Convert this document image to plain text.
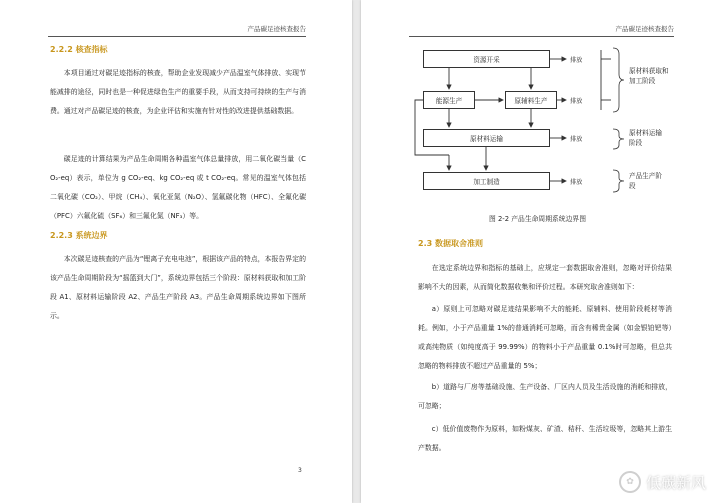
产品碳足迹核查报告
2.2.2 核查指标

本项目通过对碳足迹指标的核查，帮助企业发现减少产品温室气体排放、实现节能减排的途径，同时也是一种促进绿色生产的重要手段，从而支持可持续的生产与消费。通过对产品碳足迹的核查，为企业评估和实施有针对性的改进提供基础数据。

碳足迹的计算结果为产品生命周期各种温室气体总量排放，用二氧化碳当量（CO₂-eq）表示，单位为 g CO₂-eq、kg CO₂-eq 或 t CO₂-eq。常见的温室气体包括二氧化碳（CO₂）、甲烷（CH₄）、氧化亚氮（N₂O）、氢氟碳化物（HFC）、全氟化碳（PFC）六氟化硫（SF₆）和三氟化氮（NF₃）等。

2.2.3 系统边界

本次碳足迹核查的产品为“锂离子充电电池”，根据该产品的特点，本报告界定的该产品生命周期阶段为“摇篮到大门”，系统边界包括三个阶段：原材料获取和加工阶段 A1、原材料运输阶段 A2、产品生产阶段 A3。产品生命周期系统边界如下图所示。

3
产品碳足迹核查报告
资源开采
能源生产	原辅料生产
原材料运输
加工制造
排放
排放
排放
排放
原材料获取和加工阶段
原材料运输阶段
产品生产阶段
图 2-2 产品生命周期系统边界图
2.3 数据取舍准则

在选定系统边界和指标的基础上，应规定一套数据取舍准则，忽略对评价结果影响不大的因素，从而简化数据收集和评价过程。本研究取舍准则如下：

a）原则上可忽略对碳足迹结果影响不大的能耗、原辅料、使用阶段耗材等消耗。例如，小于产品重量 1%的普通消耗可忽略，而含有稀贵金属（如金银铂钯等）或高纯物质（如纯度高于 99.99%）的物料小于产品重量 0.1%时可忽略，但总共忽略的物料排放不超过产品重量的 5%；

b）道路与厂房等基础设施、生产设备、厂区内人员及生活设施的消耗和排放，可忽略；

c）低价值废物作为原料，如粉煤灰、矿渣、秸秆、生活垃圾等，忽略其上游生产数据。

✿ 低碳新风
